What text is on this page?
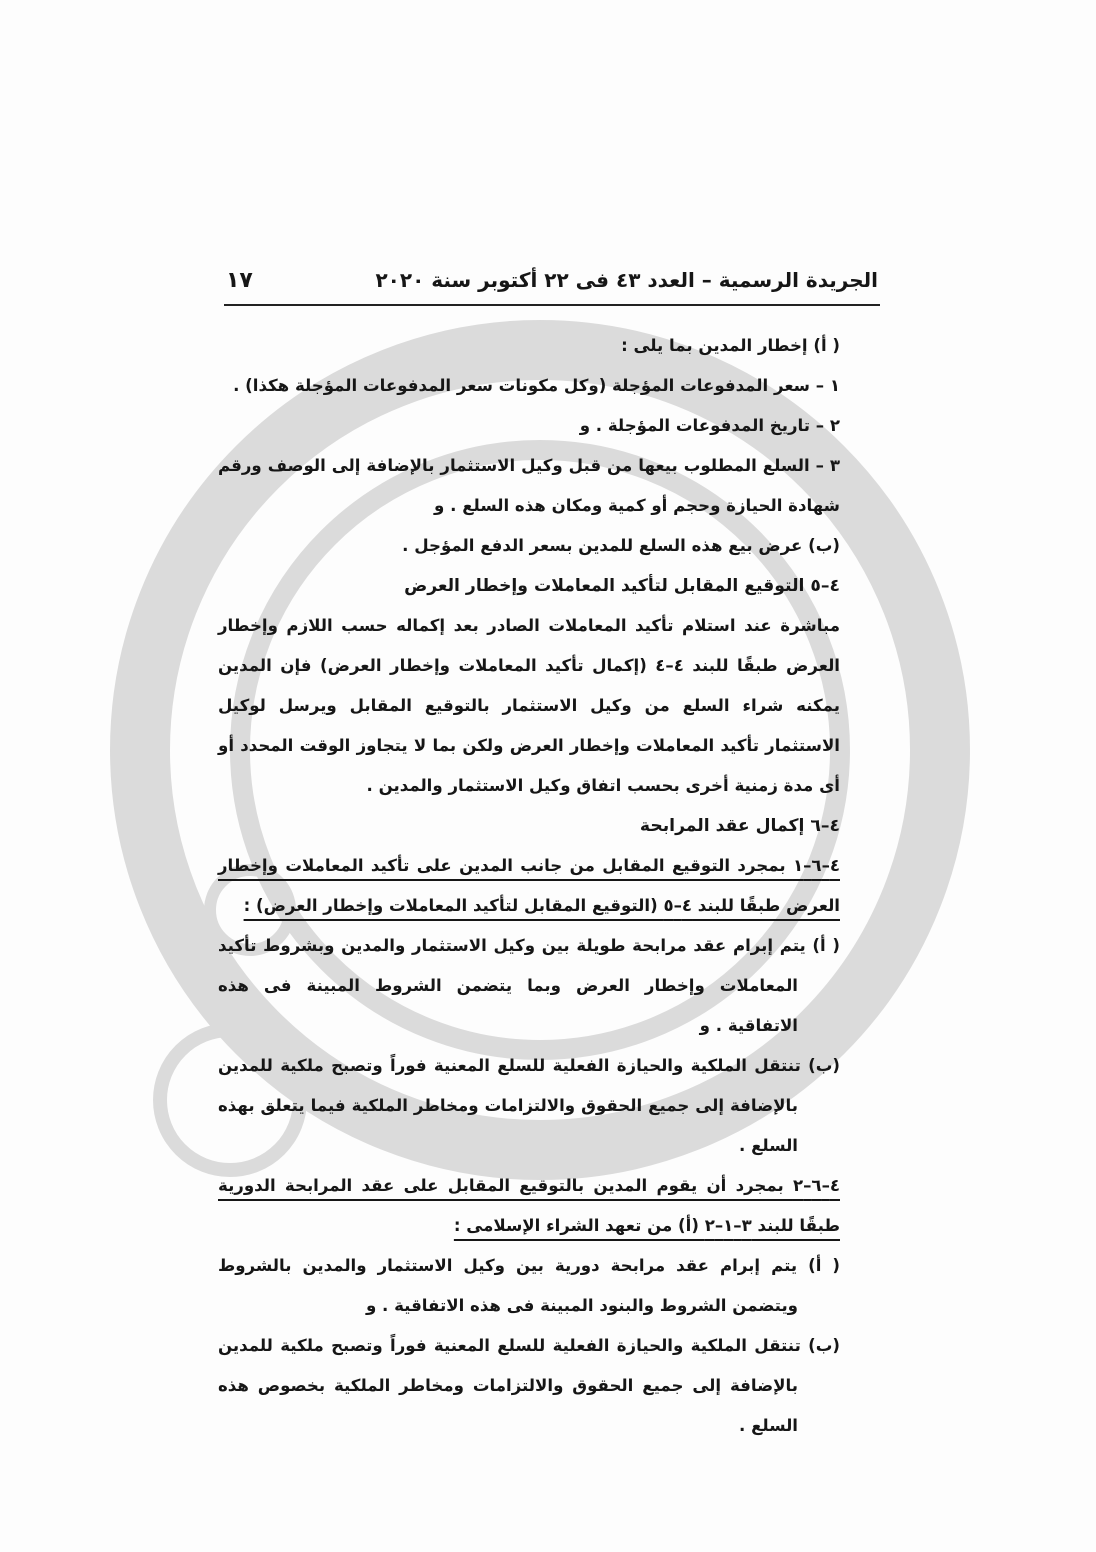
الجريدة الرسمية – العدد ٤٣ فى ٢٢ أكتوبر سنة ٢٠٢٠
١٧

( أ) إخطار المدين بما يلى :

١ – سعر المدفوعات المؤجلة (وكل مكونات سعر المدفوعات المؤجلة هكذا) .

٢ – تاريخ المدفوعات المؤجلة . و

٣ – السلع المطلوب بيعها من قبل وكيل الاستثمار بالإضافة إلى الوصف ورقم شهادة الحيازة وحجم أو كمية ومكان هذه السلع . و

(ب) عرض بيع هذه السلع للمدين بسعر الدفع المؤجل .

٤–٥ التوقيع المقابل لتأكيد المعاملات وإخطار العرض

مباشرة عند استلام تأكيد المعاملات الصادر بعد إكماله حسب اللازم وإخطار العرض طبقًا للبند ٤–٤ (إكمال تأكيد المعاملات وإخطار العرض) فإن المدين يمكنه شراء السلع من وكيل الاستثمار بالتوقيع المقابل ويرسل لوكيل الاستثمار تأكيد المعاملات وإخطار العرض ولكن بما لا يتجاوز الوقت المحدد أو أى مدة زمنية أخرى بحسب اتفاق وكيل الاستثمار والمدين .

٤–٦ إكمال عقد المرابحة

٤–٦–١ بمجرد التوقيع المقابل من جانب المدين على تأكيد المعاملات وإخطار العرض طبقًا للبند ٤–٥ (التوقيع المقابل لتأكيد المعاملات وإخطار العرض) :

( أ) يتم إبرام عقد مرابحة طويلة بين وكيل الاستثمار والمدين وبشروط تأكيد المعاملات وإخطار العرض وبما يتضمن الشروط المبينة فى هذه الاتفاقية . و

(ب) تنتقل الملكية والحيازة الفعلية للسلع المعنية فوراً وتصبح ملكية للمدين بالإضافة إلى جميع الحقوق والالتزامات ومخاطر الملكية فيما يتعلق بهذه السلع .

٤–٦–٢ بمجرد أن يقوم المدين بالتوقيع المقابل على عقد المرابحة الدورية طبقًا للبند ٣–١–٢ (أ) من تعهد الشراء الإسلامى :

( أ) يتم إبرام عقد مرابحة دورية بين وكيل الاستثمار والمدين بالشروط ويتضمن الشروط والبنود المبينة فى هذه الاتفاقية . و

(ب) تنتقل الملكية والحيازة الفعلية للسلع المعنية فوراً وتصبح ملكية للمدين بالإضافة إلى جميع الحقوق والالتزامات ومخاطر الملكية بخصوص هذه السلع .
